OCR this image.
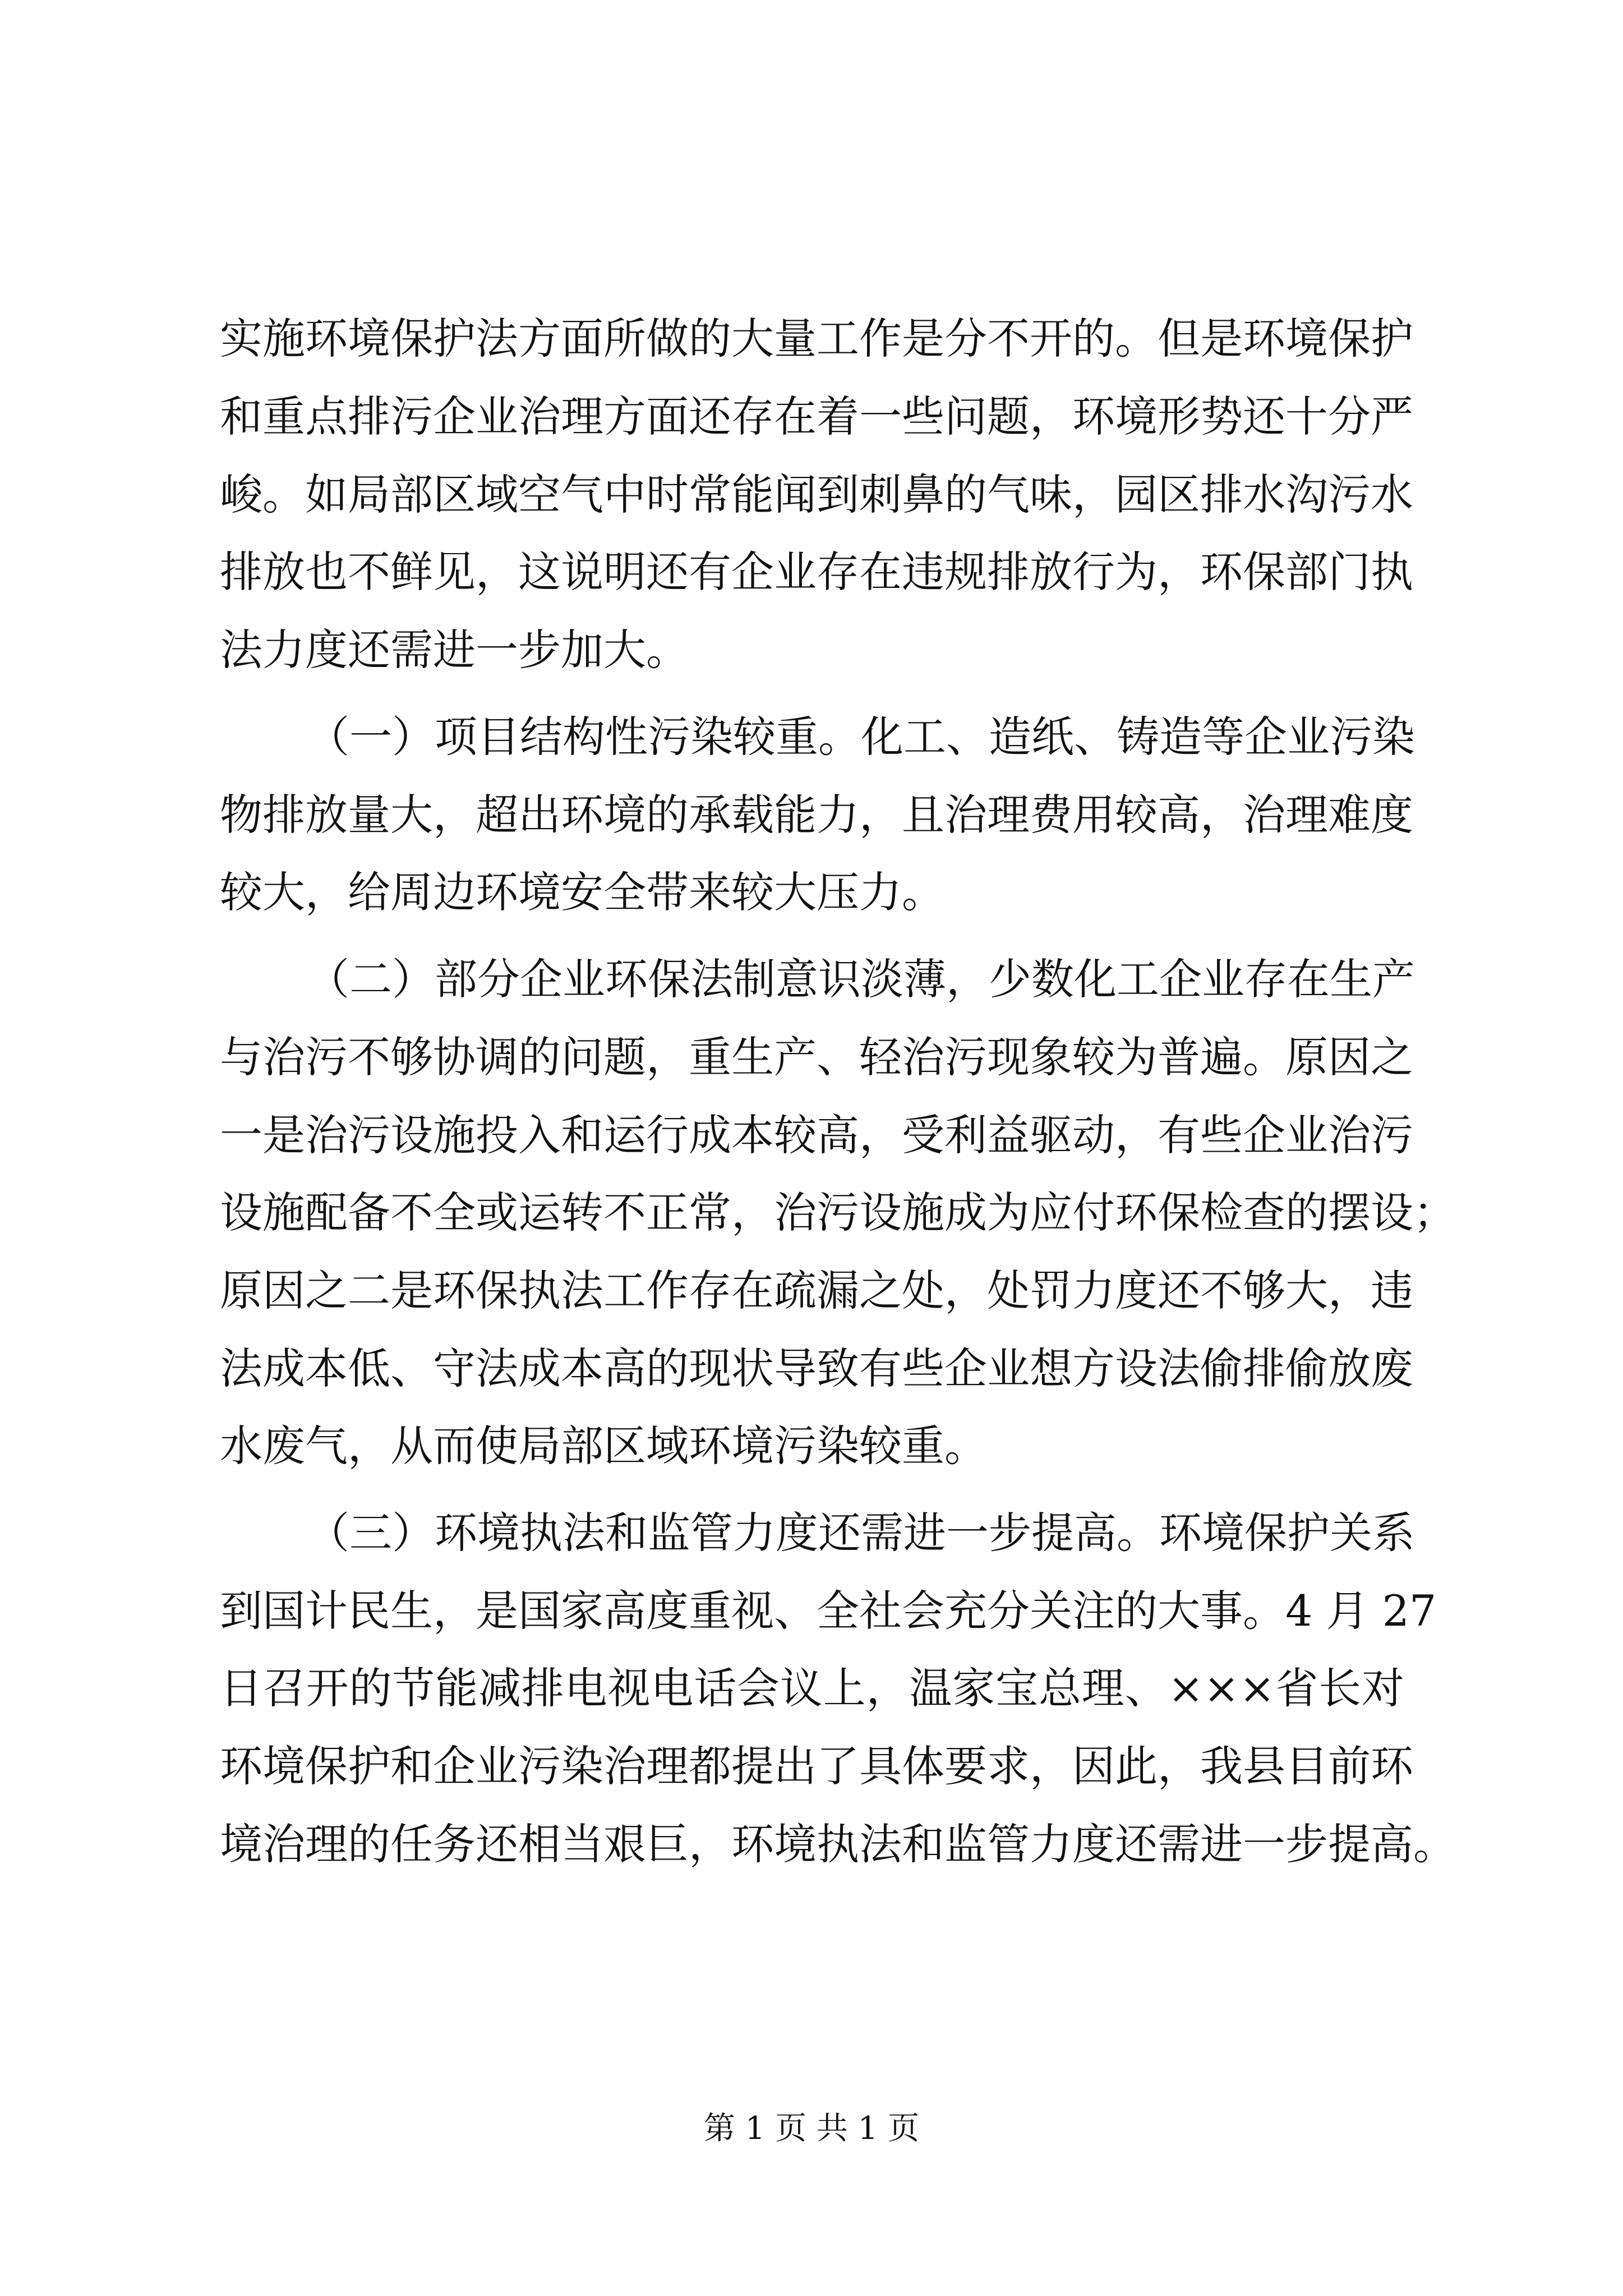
实施环境保护法方面所做的大量工作是分不开的。但是环境保护
和重点排污企业治理方面还存在着一些问题，环境形势还十分严
峻。如局部区域空气中时常能闻到刺鼻的气味，园区排水沟污水
排放也不鲜见，这说明还有企业存在违规排放行为，环保部门执
法力度还需进一步加大。
（一）项目结构性污染较重。化工、造纸、铸造等企业污染
物排放量大，超出环境的承载能力，且治理费用较高，治理难度
较大，给周边环境安全带来较大压力。
（二）部分企业环保法制意识淡薄，少数化工企业存在生产
与治污不够协调的问题，重生产、轻治污现象较为普遍。原因之
一是治污设施投入和运行成本较高，受利益驱动，有些企业治污
设施配备不全或运转不正常，治污设施成为应付环保检查的摆设；
原因之二是环保执法工作存在疏漏之处，处罚力度还不够大，违
法成本低、守法成本高的现状导致有些企业想方设法偷排偷放废
水废气，从而使局部区域环境污染较重。
（三）环境执法和监管力度还需进一步提高。环境保护关系
到国计民生，是国家高度重视、全社会充分关注的大事。4 月 27
日召开的节能减排电视电话会议上，温家宝总理、×××省长对
环境保护和企业污染治理都提出了具体要求，因此，我县目前环
境治理的任务还相当艰巨，环境执法和监管力度还需进一步提高。
第 1 页 共 1 页
